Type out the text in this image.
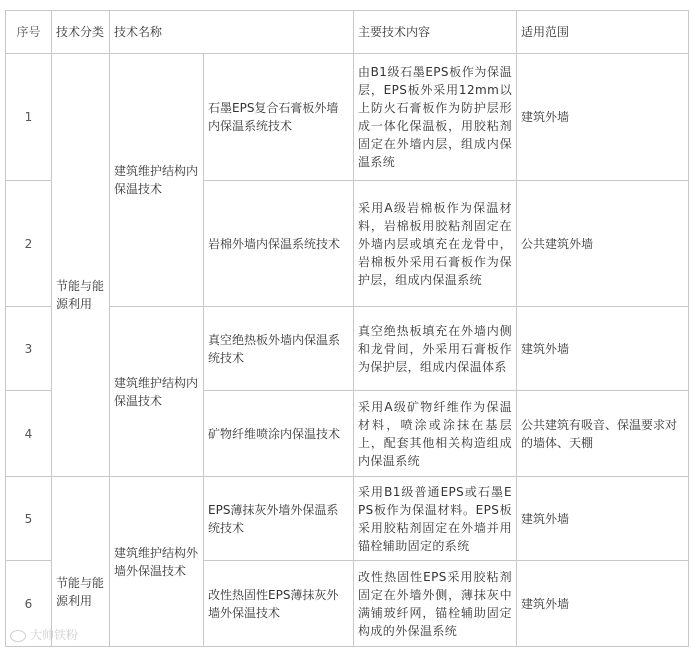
序号	技术分类	技术名称		主要技术内容	适用范围
1	节能与能源利用	建筑维护结构内保温技术	石墨EPS复合石膏板外墙内保温系统技术	由B1级石墨EPS板作为保温层，EPS板外采用12mm以上防火石膏板作为防护层形成一体化保温板，用胶粘剂固定在外墙内层，组成内保温系统	建筑外墙
2			岩棉外墙内保温系统技术	采用A级岩棉板作为保温材料，岩棉板用胶粘剂固定在外墙内层或填充在龙骨中，岩棉板外采用石膏板作为保护层，组成内保温系统	公共建筑外墙
3		建筑维护结构内保温技术	真空绝热板外墙内保温系统技术	真空绝热板填充在外墙内侧和龙骨间，外采用石膏板作为保护层，组成内保温体系	建筑外墙
4			矿物纤维喷涂内保温技术	采用A级矿物纤维作为保温材料，喷涂或涂抹在基层上，配套其他相关构造组成内保温系统	公共建筑有吸音、保温要求对的墙体、天棚
5	节能与能源利用	建筑维护结构外墙外保温技术	EPS薄抹灰外墙外保温系统技术	采用B1级普通EPS或石墨EPS板作为保温材料。EPS板采用胶粘剂固定在外墙并用锚栓辅助固定的系统	建筑外墙
6			改性热固性EPS薄抹灰外墙外保温技术	改性热固性EPS采用胶粘剂固定在外墙外侧，薄抹灰中满铺玻纤网，锚栓辅助固定构成的外保温系统	建筑外墙
大帅铁粉
